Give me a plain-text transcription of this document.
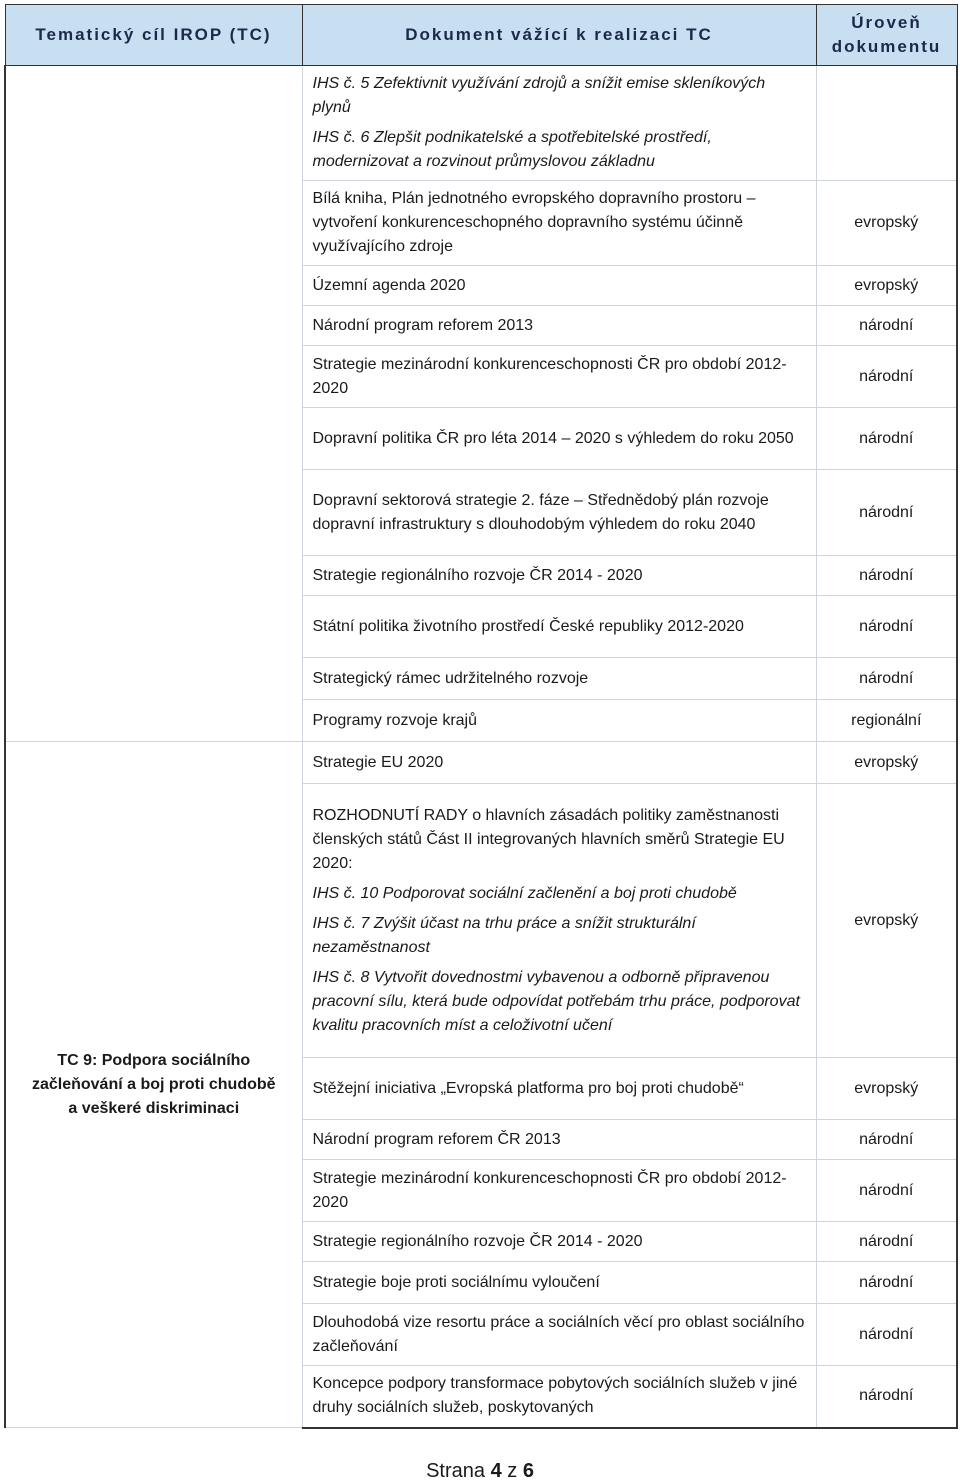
Tematický cíl IROP (TC)	Dokument vážící k realizaci TC	Úroveň dokumentu

	IHS č. 5 Zefektivnit využívání zdrojů a snížit emise skleníkových plynů

IHS č. 6 Zlepšit podnikatelské a spotřebitelské prostředí, modernizovat a rozvinout průmyslovou základnu	

	Bílá kniha, Plán jednotného evropského dopravního prostoru – vytvoření konkurenceschopného dopravního systému účinně využívajícího zdroje	evropský

	Územní agenda 2020	evropský

	Národní program reforem 2013	národní

	Strategie mezinárodní konkurenceschopnosti ČR pro období 2012-2020	národní

	Dopravní politika ČR pro léta 2014 – 2020 s výhledem do roku 2050	národní

	Dopravní sektorová strategie 2. fáze – Střednědobý plán rozvoje dopravní infrastruktury s dlouhodobým výhledem do roku 2040	národní

	Strategie regionálního rozvoje ČR 2014 - 2020	národní

	Státní politika životního prostředí České republiky 2012-2020	národní

	Strategický rámec udržitelného rozvoje	národní

	Programy rozvoje krajů	regionální
TC 9: Podpora sociálního začleňování a boj proti chudobě a veškeré diskriminaci	Strategie EU 2020	evropský

	ROZHODNUTÍ RADY o hlavních zásadách politiky zaměstnanosti členských států Část II integrovaných hlavních směrů Strategie EU 2020:

IHS č. 10 Podporovat sociální začlenění a boj proti chudobě

IHS č. 7 Zvýšit účast na trhu práce a snížit strukturální nezaměstnanost

IHS č. 8 Vytvořit dovednostmi vybavenou a odborně připravenou pracovní sílu, která bude odpovídat potřebám trhu práce, podporovat kvalitu pracovních míst a celoživotní učení	evropský

	Stěžejní iniciativa „Evropská platforma pro boj proti chudobě“	evropský

	Národní program reforem ČR 2013	národní

	Strategie mezinárodní konkurenceschopnosti ČR pro období 2012-2020	národní

	Strategie regionálního rozvoje ČR 2014 - 2020	národní

	Strategie boje proti sociálnímu vyloučení	národní

	Dlouhodobá vize resortu práce a sociálních věcí pro oblast sociálního začleňování	národní

	Koncepce podpory transformace pobytových sociálních služeb v jiné druhy sociálních služeb, poskytovaných	národní
Strana 4 z 6
